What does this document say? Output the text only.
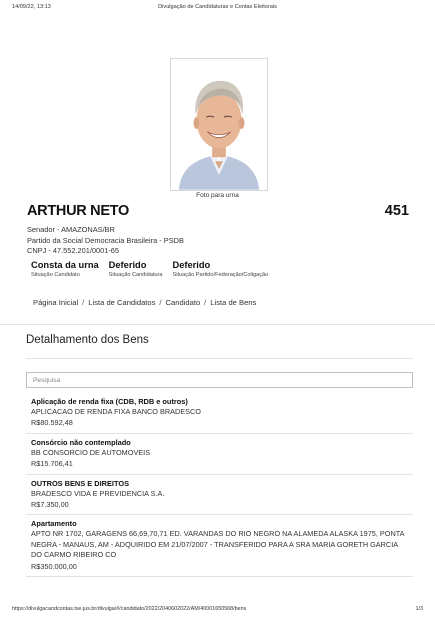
14/09/22, 13:13	Divulgação de Candidaturas e Contas Eleitorais
Foto para urna
ARTHUR NETO	451
Senador - AMAZONAS/BR
Partido da Social Democracia Brasileira - PSDB
CNPJ - 47.552.201/0001-65
Consta da urna
Situação Candidato
Deferido
Situação Candidatura
Deferido
Situação Partido/Federação/Coligação
Página Inicial / Lista de Candidatos / Candidato / Lista de Bens
Detalhamento dos Bens
Pesquisa
Aplicação de renda fixa (CDB, RDB e outros)
APLICACAO DE RENDA FIXA BANCO BRADESCO
R$80.592,48
Consórcio não contemplado
BB CONSORCIO DE AUTOMOVEIS
R$15.706,41
OUTROS BENS E DIREITOS
BRADESCO VIDA E PREVIDENCIA S.A.
R$7.350,00
Apartamento
APTO NR 1702, GARAGENS 66,69,70,71 ED. VARANDAS DO RIO NEGRO NA ALAMEDA ALASKA 1975, PONTA NEGRA - MANAUS, AM - ADQUIRIDO EM 21/07/2007 - TRANSFERIDO PARA A SRA MARIA GORETH GARCIA DO CARMO RIBEIRO CO
R$350.000,00
https://divulgacandcontas.tse.jus.br/divulga/#/candidato/2022/2040602022/AM/40001650568/bens	1/3
